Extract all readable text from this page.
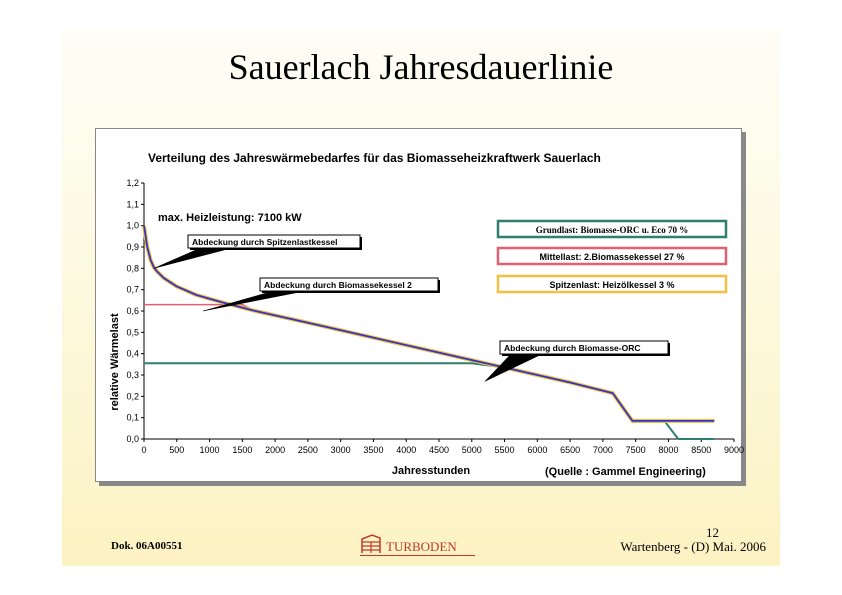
Sauerlach Jahresdauerlinie
Verteilung des Jahreswärmebedarfes für das Biomasseheizkraftwerk Sauerlach
0,0
0,1
0,2
0,3
0,4
0,5
0,6
0,7
0,8
0,9
1,0
1,1
1,2
0	500 1000 1500 2000 2500 3000 3500 4000 4500 5000 5500 6000 6500 7000 7500 8000 8500 9000
relative Wärmelast
Jahresstunden	(Quelle : Gammel Engineering)
max. Heizleistung: 7100 kW
Grundlast: Biomasse-ORC u. Eco 70 %
Mittellast: 2.Biomassekessel 27 %
Spitzenlast: Heizölkessel 3 %
Abdeckung durch Spitzenlastkessel
Abdeckung durch Biomassekessel 2
Abdeckung durch Biomasse-ORC
Dok. 06A00551
12
Wartenberg - (D) Mai. 2006
TURBODEN
